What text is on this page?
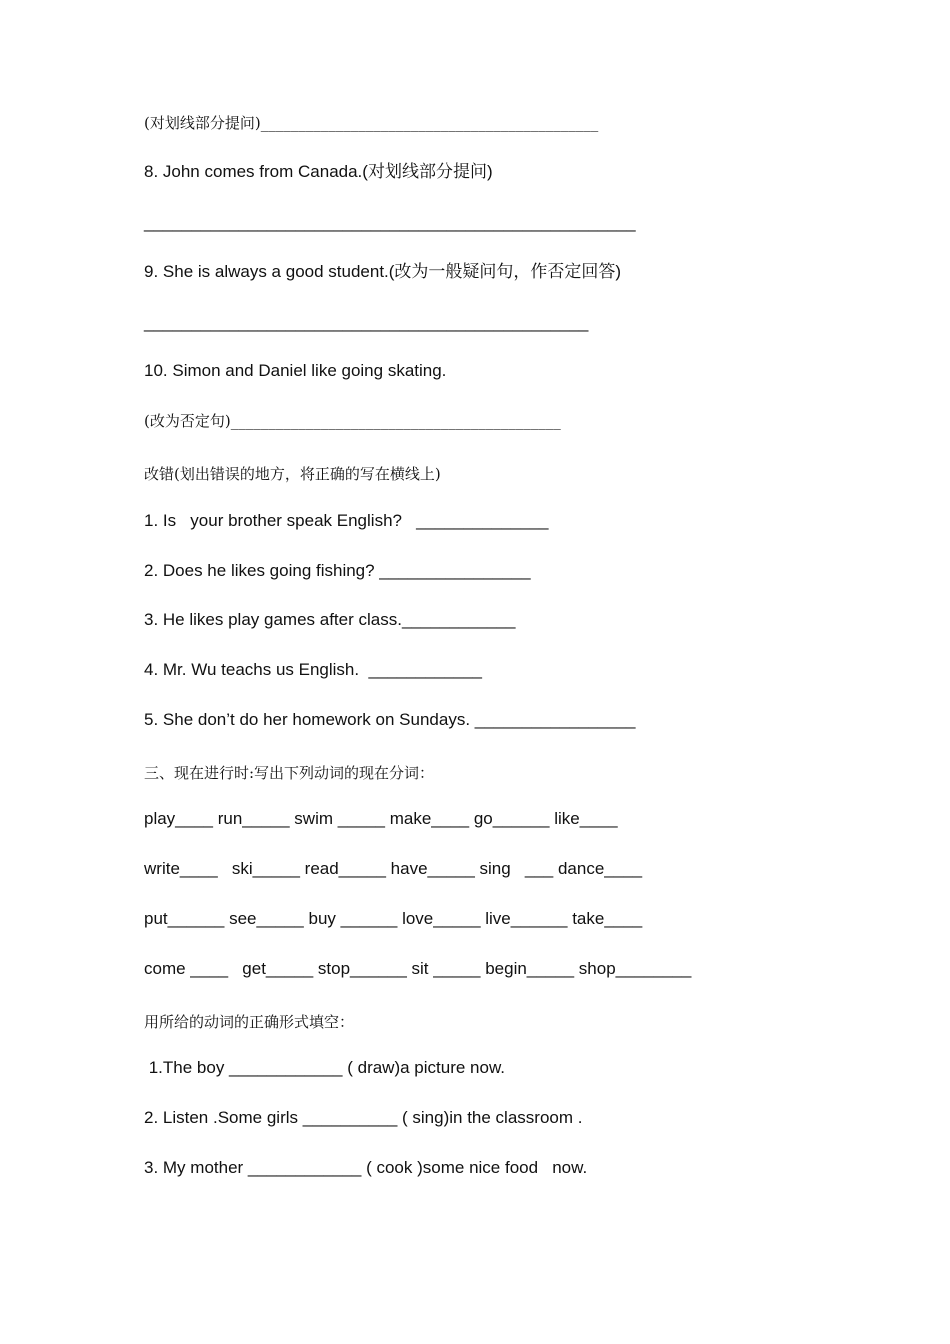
(对划线部分提问)_____________________________________________
8. John comes from Canada.(对划线部分提问)
____________________________________________________
9. She is always a good student.(改为一般疑问句，作否定回答)
_______________________________________________
10. Simon and Daniel like going skating.
(改为否定句)____________________________________________
改错(划出错误的地方，将正确的写在横线上)
1. Is   your brother speak English?   ______________
2. Does he likes going fishing? ________________
3. He likes play games after class.____________
4. Mr. Wu teachs us English.  ____________
5. She don’t do her homework on Sundays. _________________
三、现在进行时:写出下列动词的现在分词：
play____ run_____ swim _____ make____ go______ like____
write____   ski_____ read_____ have_____ sing   ___ dance____
put______ see_____ buy ______ love_____ live______ take____
come ____   get_____ stop______ sit _____ begin_____ shop________
用所给的动词的正确形式填空：
1.The boy ____________ ( draw)a picture now.
2. Listen .Some girls __________ ( sing)in the classroom .
3. My mother ____________ ( cook )some nice food   now.
